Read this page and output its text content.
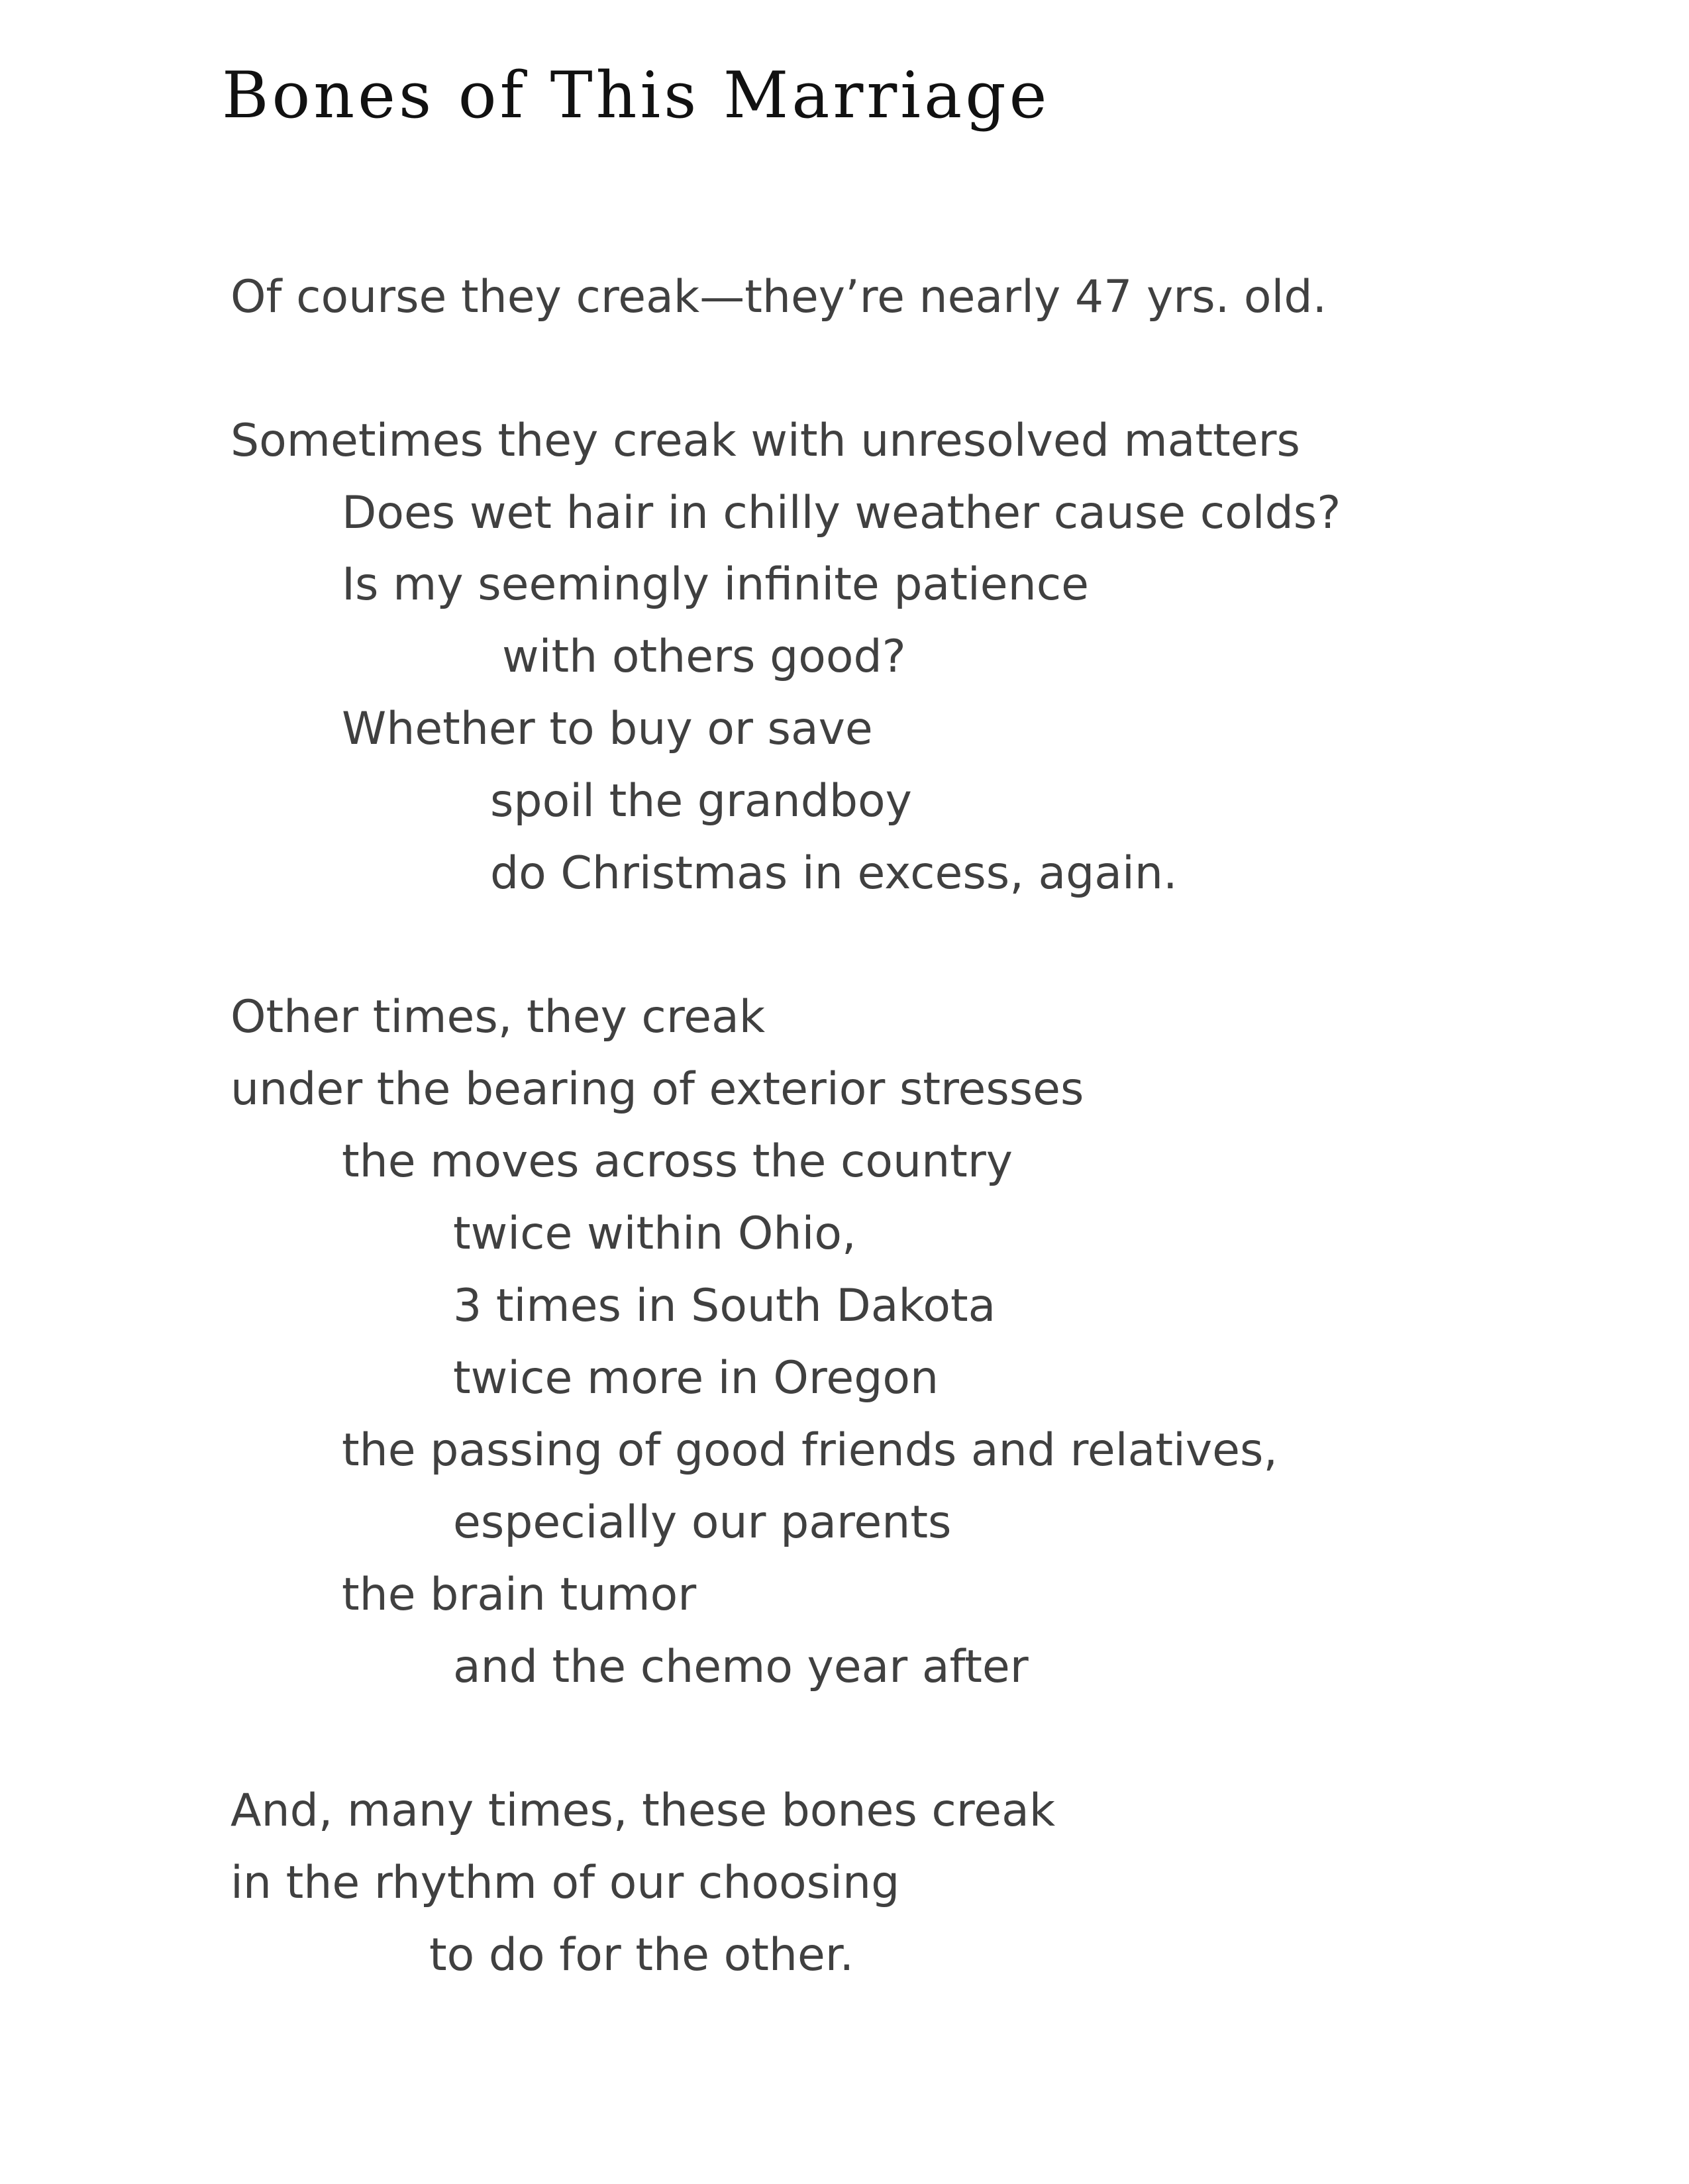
Bones of This Marriage

Of course they creak—they’re nearly 47 yrs. old.

Sometimes they creak with unresolved matters

Does wet hair in chilly weather cause colds?

Is my seemingly infinite patience

with others good?

Whether to buy or save

spoil the grandboy

do Christmas in excess, again.

Other times, they creak

under the bearing of exterior stresses

the moves across the country

twice within Ohio,

3 times in South Dakota

twice more in Oregon

the passing of good friends and relatives,

especially our parents

the brain tumor

and the chemo year after

And, many times, these bones creak

in the rhythm of our choosing

to do for the other.
